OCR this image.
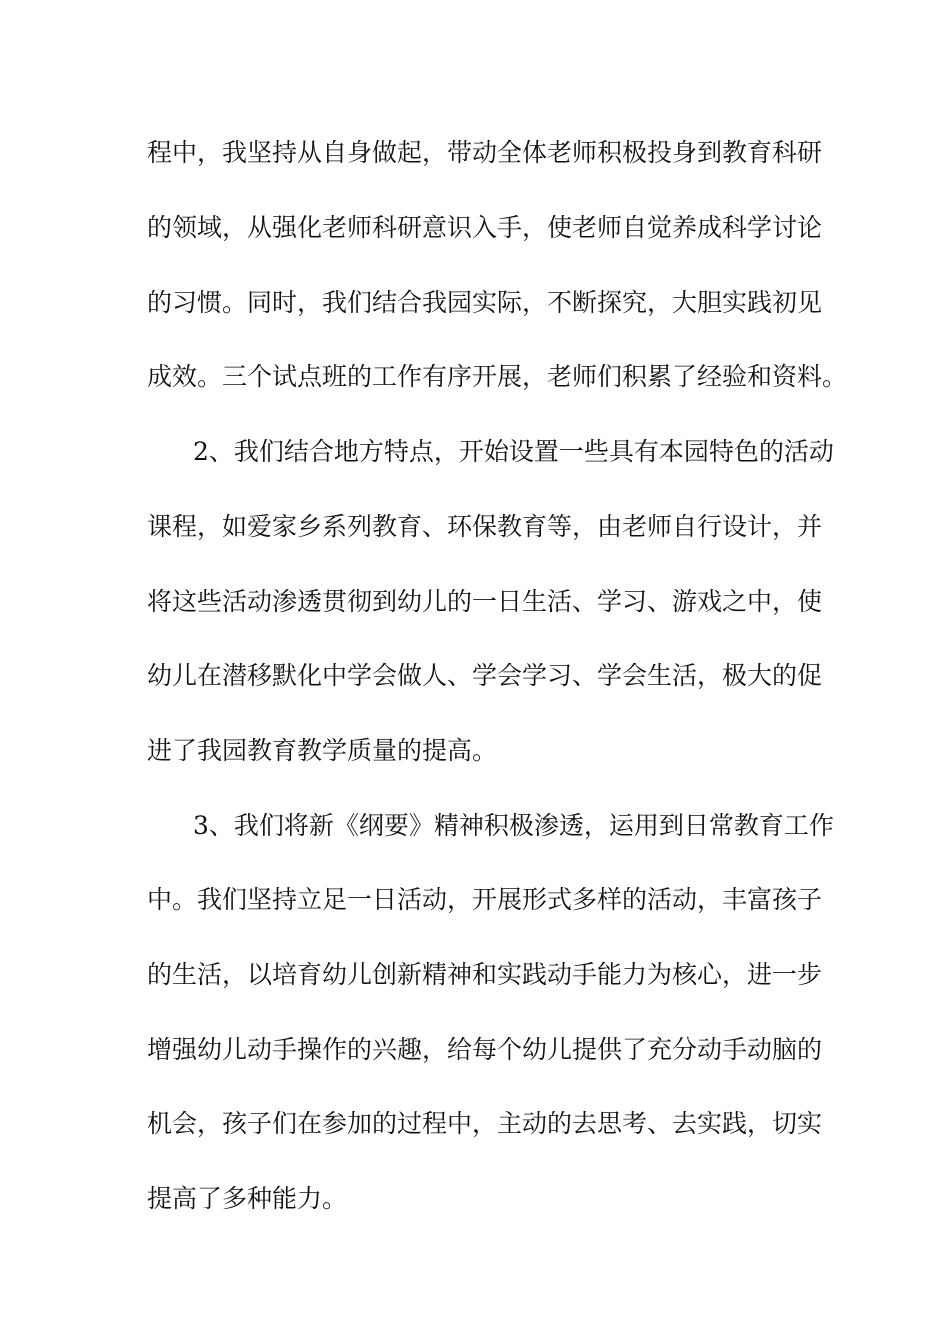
程中，我坚持从自身做起，带动全体老师积极投身到教育科研
的领域，从强化老师科研意识入手，使老师自觉养成科学讨论
的习惯。同时，我们结合我园实际，不断探究，大胆实践初见
成效。三个试点班的工作有序开展，老师们积累了经验和资料。
2、我们结合地方特点，开始设置一些具有本园特色的活动
课程，如爱家乡系列教育、环保教育等，由老师自行设计，并
将这些活动渗透贯彻到幼儿的一日生活、学习、游戏之中，使
幼儿在潜移默化中学会做人、学会学习、学会生活，极大的促
进了我园教育教学质量的提高。
3、我们将新《纲要》精神积极渗透，运用到日常教育工作
中。我们坚持立足一日活动，开展形式多样的活动，丰富孩子
的生活，以培育幼儿创新精神和实践动手能力为核心，进一步
增强幼儿动手操作的兴趣，给每个幼儿提供了充分动手动脑的
机会，孩子们在参加的过程中，主动的去思考、去实践，切实
提高了多种能力。
